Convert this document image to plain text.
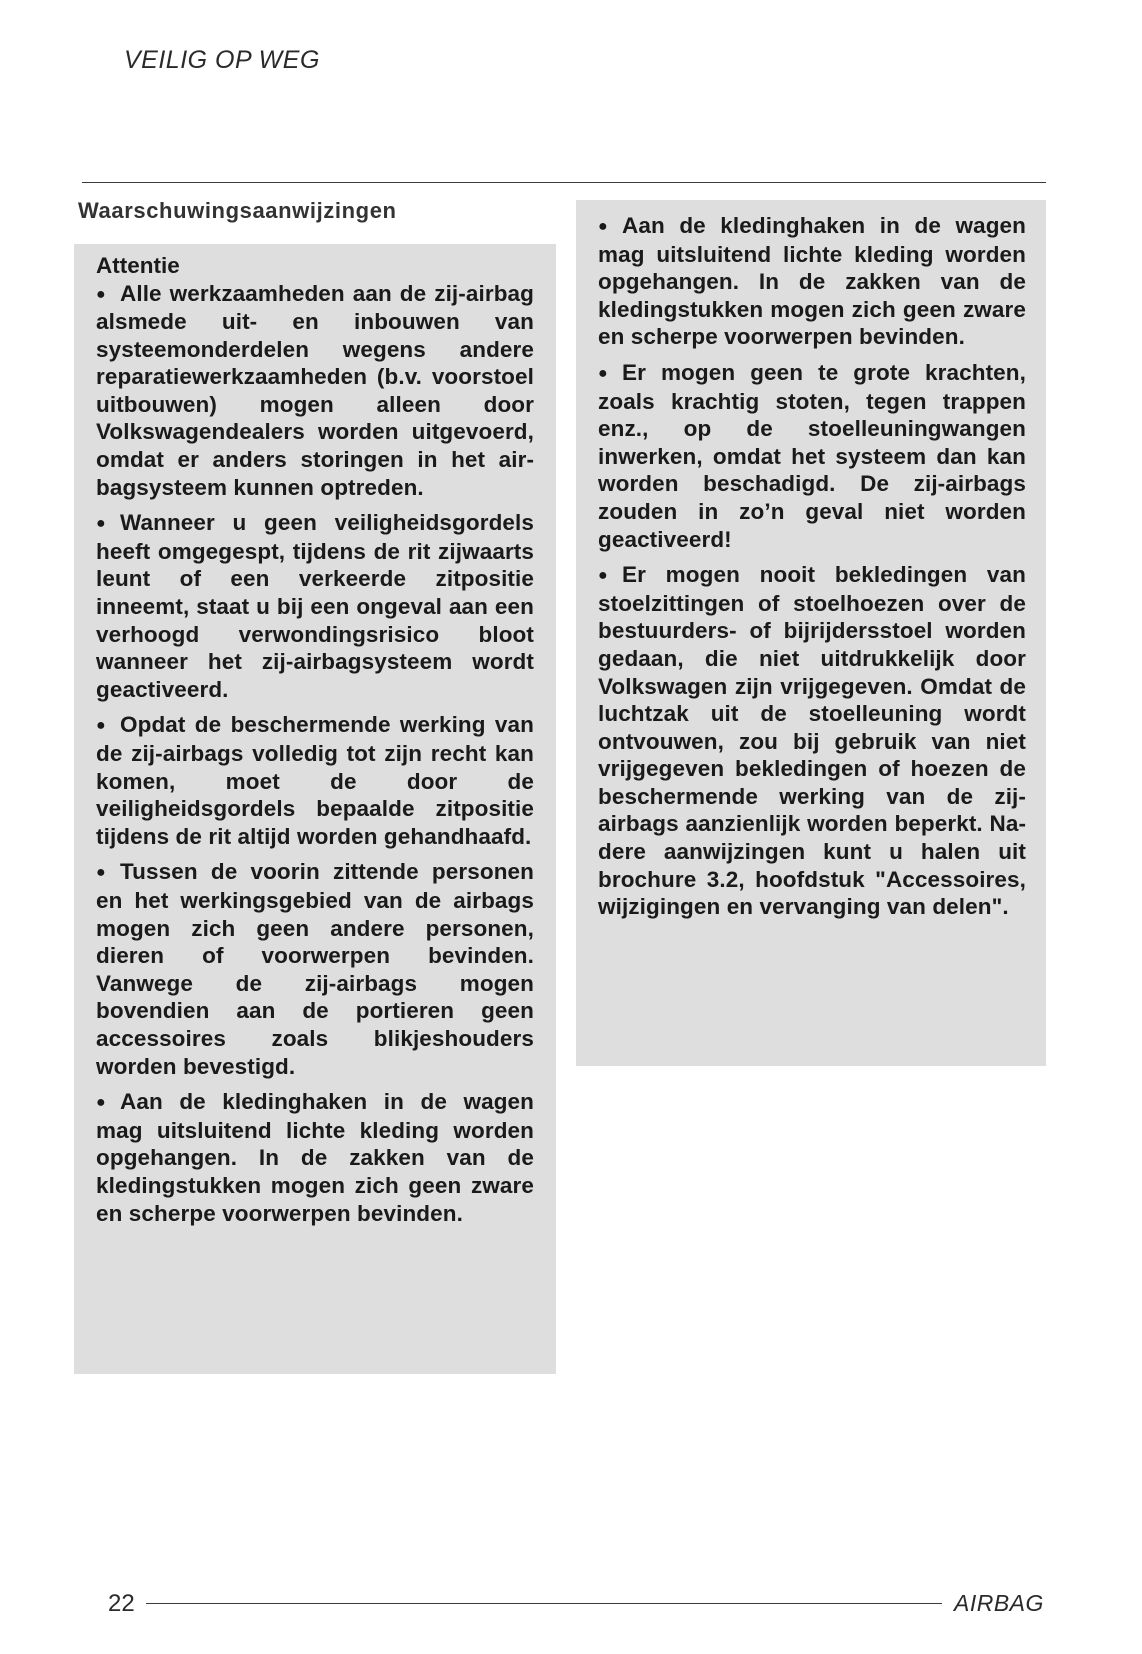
VEILIG OP WEG
Waarschuwingsaanwijzingen

Attentie

● Alle werkzaamheden aan de zij-airbag alsmede uit- en inbouwen van systeemonderdelen wegens andere reparatiewerkzaamheden (b.v. voorstoel uitbouwen) mogen alleen door Volkswagendealers worden uitgevoerd, omdat er anders storingen in het airbagsysteem kunnen optreden.

● Wanneer u geen veiligheidsgordels heeft omgegespt, tijdens de rit zijwaarts leunt of een verkeerde zitpositie inneemt, staat u bij een ongeval aan een verhoogd verwondingsrisico bloot wanneer het zij-airbagsysteem wordt geactiveerd.

● Opdat de beschermende werking van de zij-airbags volledig tot zijn recht kan komen, moet de door de veiligheidsgordels bepaalde zitpositie tijdens de rit altijd worden gehandhaafd.

● Tussen de voorin zittende personen en het werkingsgebied van de airbags mogen zich geen andere personen, dieren of voorwerpen bevinden. Vanwege de zij-airbags mogen bovendien aan de portieren geen accessoires zoals blikjeshouders worden bevestigd.

● Aan de kledinghaken in de wagen mag uitsluitend lichte kleding worden opgehangen. In de zakken van de kledingstukken mogen zich geen zware en scherpe voorwerpen bevinden.

● Aan de kledinghaken in de wagen mag uitsluitend lichte kleding worden opgehangen. In de zakken van de kledingstukken mogen zich geen zware en scherpe voorwerpen bevinden.

● Er mogen geen te grote krachten, zoals krachtig stoten, tegen trappen enz., op de stoelleuningwangen inwerken, omdat het systeem dan kan worden beschadigd. De zij-airbags zouden in zo’n geval niet worden geactiveerd!

● Er mogen nooit bekledingen van stoelzittingen of stoelhoezen over de bestuurders- of bijrijdersstoel worden gedaan, die niet uitdrukkelijk door Volkswagen zijn vrijgegeven. Omdat de luchtzak uit de stoelleuning wordt ontvouwen, zou bij gebruik van niet vrijgegeven bekledingen of hoezen de beschermende werking van de zij-airbags aanzienlijk worden beperkt. Nadere aanwijzingen kunt u halen uit brochure 3.2, hoofdstuk "Accessoires, wijzigingen en vervanging van delen".

22	AIRBAG
